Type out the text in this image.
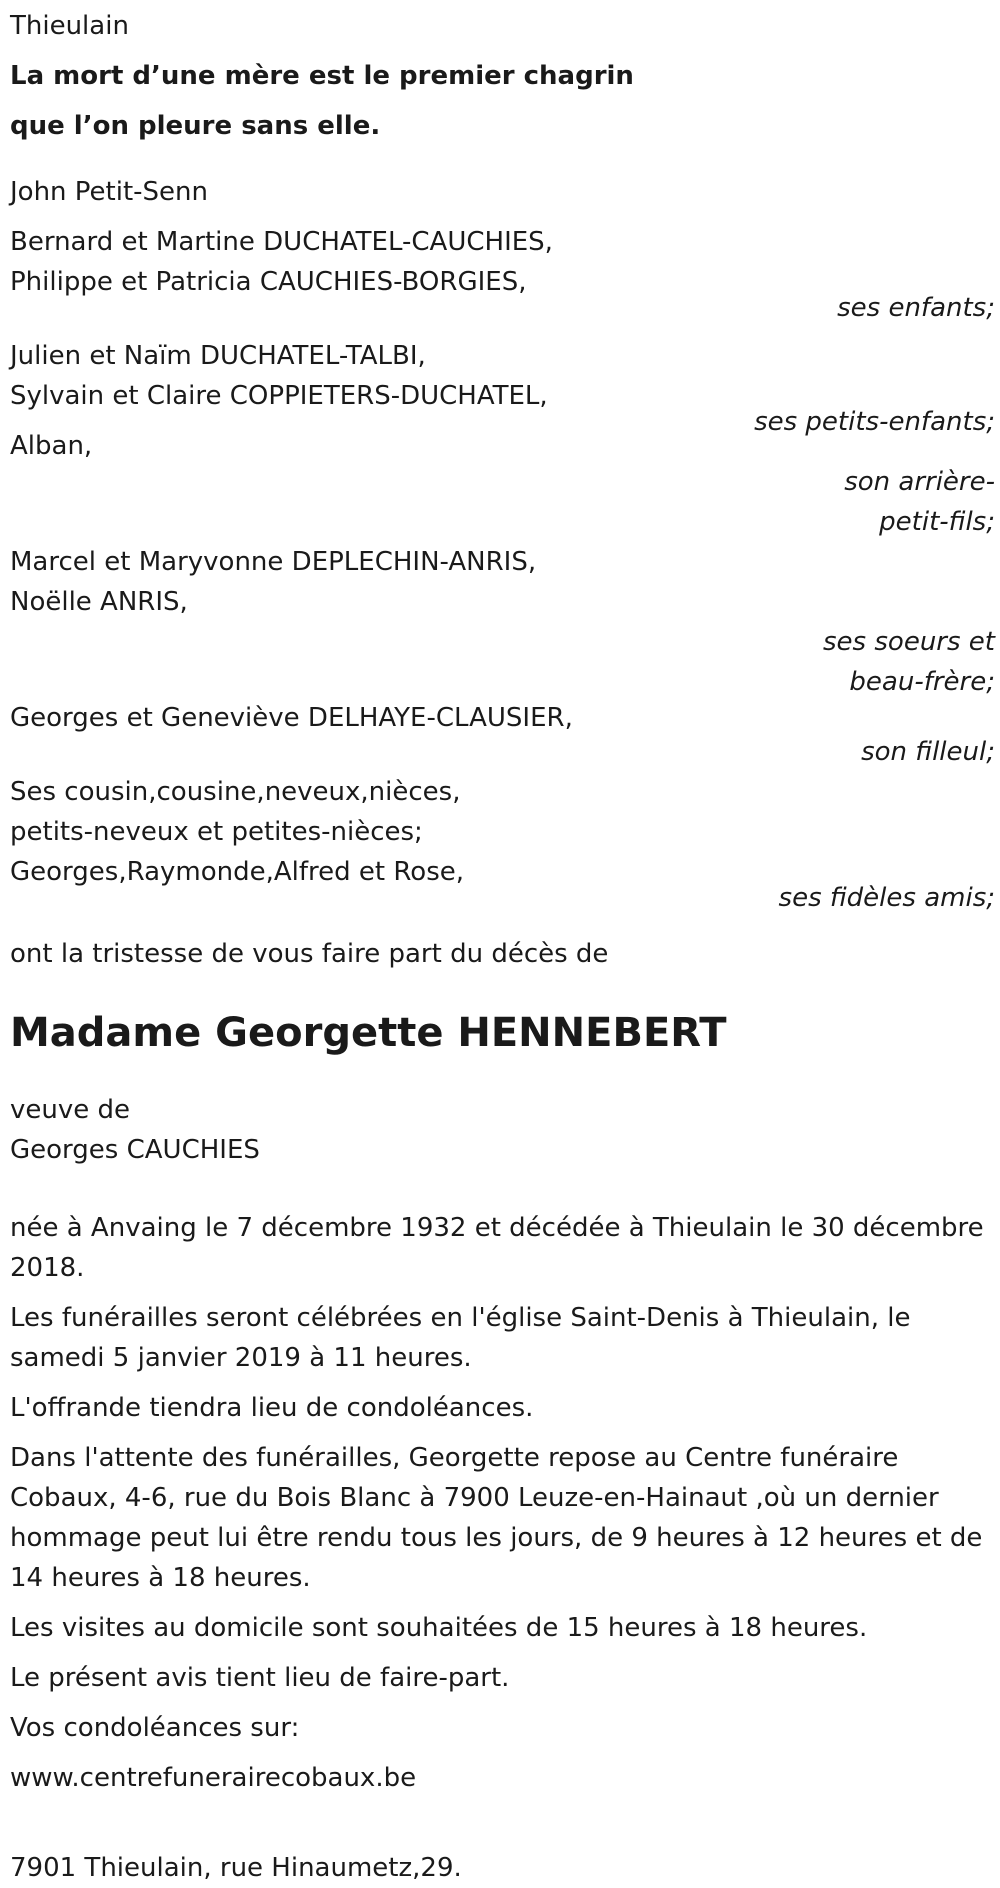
Thieulain
La mort d’une mère est le premier chagrin
que l’on pleure sans elle.
John Petit-Senn
Bernard et Martine DUCHATEL-CAUCHIES,
Philippe et Patricia CAUCHIES-BORGIES,
ses enfants;
Julien et Naïm DUCHATEL-TALBI,
Sylvain et Claire COPPIETERS-DUCHATEL,
ses petits-enfants;
Alban,
son arrière-
petit-fils;
Marcel et Maryvonne DEPLECHIN-ANRIS,
Noëlle ANRIS,
ses soeurs et
beau-frère;
Georges et Geneviève DELHAYE-CLAUSIER,
son filleul;
Ses cousin,cousine,neveux,nièces,
petits-neveux et petites-nièces;
Georges,Raymonde,Alfred et Rose,
ses fidèles amis;
ont la tristesse de vous faire part du décès de
Madame Georgette HENNEBERT
veuve de
Georges CAUCHIES
née à Anvaing le 7 décembre 1932 et décédée à Thieulain le 30 décembre 2018.
Les funérailles seront célébrées en l'église Saint-Denis à Thieulain, le samedi 5 janvier 2019 à 11 heures.
L'offrande tiendra lieu de condoléances.
Dans l'attente des funérailles, Georgette repose au Centre funéraire Cobaux, 4-6, rue du Bois Blanc à 7900 Leuze-en-Hainaut ,où un dernier hommage peut lui être rendu tous les jours, de 9 heures à 12 heures et de 14 heures à 18 heures.
Les visites au domicile sont souhaitées de 15 heures à 18 heures.
Le présent avis tient lieu de faire-part.
Vos condoléances sur:
www.centrefunerairecobaux.be
7901 Thieulain, rue Hinaumetz,29.
